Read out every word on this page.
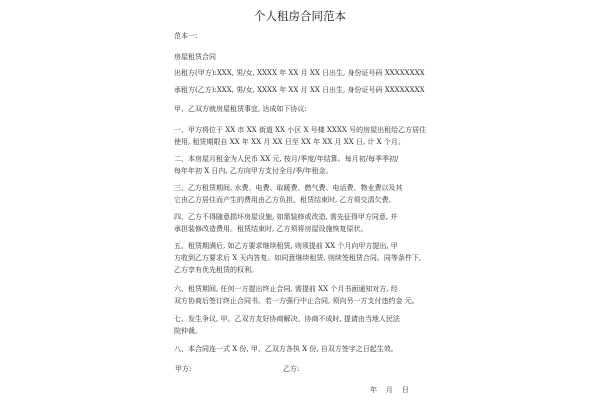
个人租房合同范本
范本一:
房屋租赁合同
出租方(甲方):XXX, 男/女, XXXX 年 XX 月 XX 日出生, 身份证号码 XXXXXXXX
承租方(乙方):XXX, 男/女, XXXX 年 XX 月 XX 日出生, 身份证号码 XXXXXXXX
甲、乙双方就房屋租赁事宜, 达成如下协议:
一、甲方将位于 XX 市 XX 街道 XX 小区 X 号楼 XXXX 号的房屋出租给乙方居住
使用, 租赁期限自 XX 年 XX 月 XX 日至 XX 年 XX 月 XX 日, 计 X 个月。
二、本房屋月租金为人民币 XX 元, 按月/季度/年结算。每月初/每季季初/
每年年初 X 日内, 乙方向甲方支付全月/季/年租金。
三、乙方租赁期间, 水费、电费、取暖费、燃气费、电话费、物业费以及其
它由乙方居住而产生的费用由乙方负担。租赁结束时, 乙方须交清欠费。
四、乙方不得随意损坏房屋设施, 如需装修或改造, 需先征得甲方同意, 并
承担装修改造费用。租赁结束时, 乙方须将房屋设施恢复原状。
五、租赁期满后, 如乙方要求继续租赁, 则须提前 XX 个月向甲方提出, 甲
方收到乙方要求后 X 天内答复。如同意继续租赁, 则续签租赁合同。同等条件下,
乙方享有优先租赁的权利。
六、租赁期间, 任何一方提出终止合同, 需提前 XX 个月书面通知对方, 经
双方协商后签订终止合同书。若一方强行中止合同, 须向另一方支付违约金 元。
七、发生争议, 甲、乙双方友好协商解决。协商不成时, 提请由当地人民法
院仲裁。
八、本合同连一式 X 份, 甲、乙双方各执 X 份, 自双方签字之日起生效。
甲方:	乙方:
年    月    日
